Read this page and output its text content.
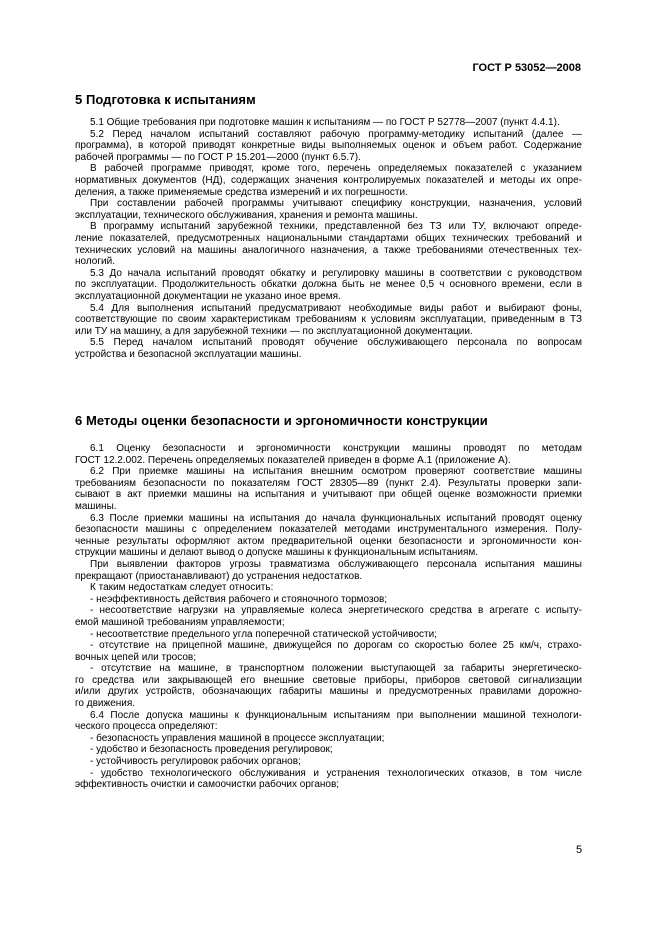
ГОСТ Р 53052—2008
5 Подготовка к испытаниям
5.1 Общие требования при подготовке машин к испытаниям — по ГОСТ Р 52778—2007 (пункт 4.4.1).
5.2 Перед началом испытаний составляют рабочую программу-методику испытаний (далее —
программа), в которой приводят конкретные виды выполняемых оценок и объем работ. Содержание
рабочей программы — по ГОСТ Р 15.201—2000 (пункт 6.5.7).
В рабочей программе приводят, кроме того, перечень определяемых показателей с указанием
нормативных документов (НД), содержащих значения контролируемых показателей и методы их опре-
деления, а также применяемые средства измерений и их погрешности.
При составлении рабочей программы учитывают специфику конструкции, назначения, условий
эксплуатации, технического обслуживания, хранения и ремонта машины.
В программу испытаний зарубежной техники, представленной без ТЗ или ТУ, включают опреде-
ление показателей, предусмотренных национальными стандартами общих технических требований и
технических условий на машины аналогичного назначения, а также требованиями отечественных тех-
нологий.
5.3 До начала испытаний проводят обкатку и регулировку машины в соответствии с руководством
по эксплуатации. Продолжительность обкатки должна быть не менее 0,5 ч основного времени, если в
эксплуатационной документации не указано иное время.
5.4 Для выполнения испытаний предусматривают необходимые виды работ и выбирают фоны,
соответствующие по своим характеристикам требованиям к условиям эксплуатации, приведенным в ТЗ
или ТУ на машину, а для зарубежной техники — по эксплуатационной документации.
5.5 Перед началом испытаний проводят обучение обслуживающего персонала по вопросам
устройства и безопасной эксплуатации машины.
6 Методы оценки безопасности и эргономичности конструкции
6.1 Оценку безопасности и эргономичности конструкции машины проводят по методам
ГОСТ 12.2.002. Перечень определяемых показателей приведен в форме А.1 (приложение А).
6.2 При приемке машины на испытания внешним осмотром проверяют соответствие машины
требованиям безопасности по показателям ГОСТ 28305—89 (пункт 2.4). Результаты проверки запи-
сывают в акт приемки машины на испытания и учитывают при общей оценке возможности приемки
машины.
6.3 После приемки машины на испытания до начала функциональных испытаний проводят оценку
безопасности машины с определением показателей методами инструментального измерения. Полу-
ченные результаты оформляют актом предварительной оценки безопасности и эргономичности кон-
струкции машины и делают вывод о допуске машины к функциональным испытаниям.
При выявлении факторов угрозы травматизма обслуживающего персонала испытания машины
прекращают (приостанавливают) до устранения недостатков.
К таким недостаткам следует относить:
- неэффективность действия рабочего и стояночного тормозов;
- несоответствие нагрузки на управляемые колеса энергетического средства в агрегате с испыту-
емой машиной требованиям управляемости;
- несоответствие предельного угла поперечной статической устойчивости;
- отсутствие на прицепной машине, движущейся по дорогам со скоростью более 25 км/ч, страхо-
вочных цепей или тросов;
- отсутствие на машине, в транспортном положении выступающей за габариты энергетическо-
го средства или закрывающей его внешние световые приборы, приборов световой сигнализации
и/или других устройств, обозначающих габариты машины и предусмотренных правилами дорожно-
го движения.
6.4 После допуска машины к функциональным испытаниям при выполнении машиной технологи-
ческого процесса определяют:
- безопасность управления машиной в процессе эксплуатации;
- удобство и безопасность проведения регулировок;
- устойчивость регулировок рабочих органов;
- удобство технологического обслуживания и устранения технологических отказов, в том числе
эффективность очистки и самоочистки рабочих органов;
5
